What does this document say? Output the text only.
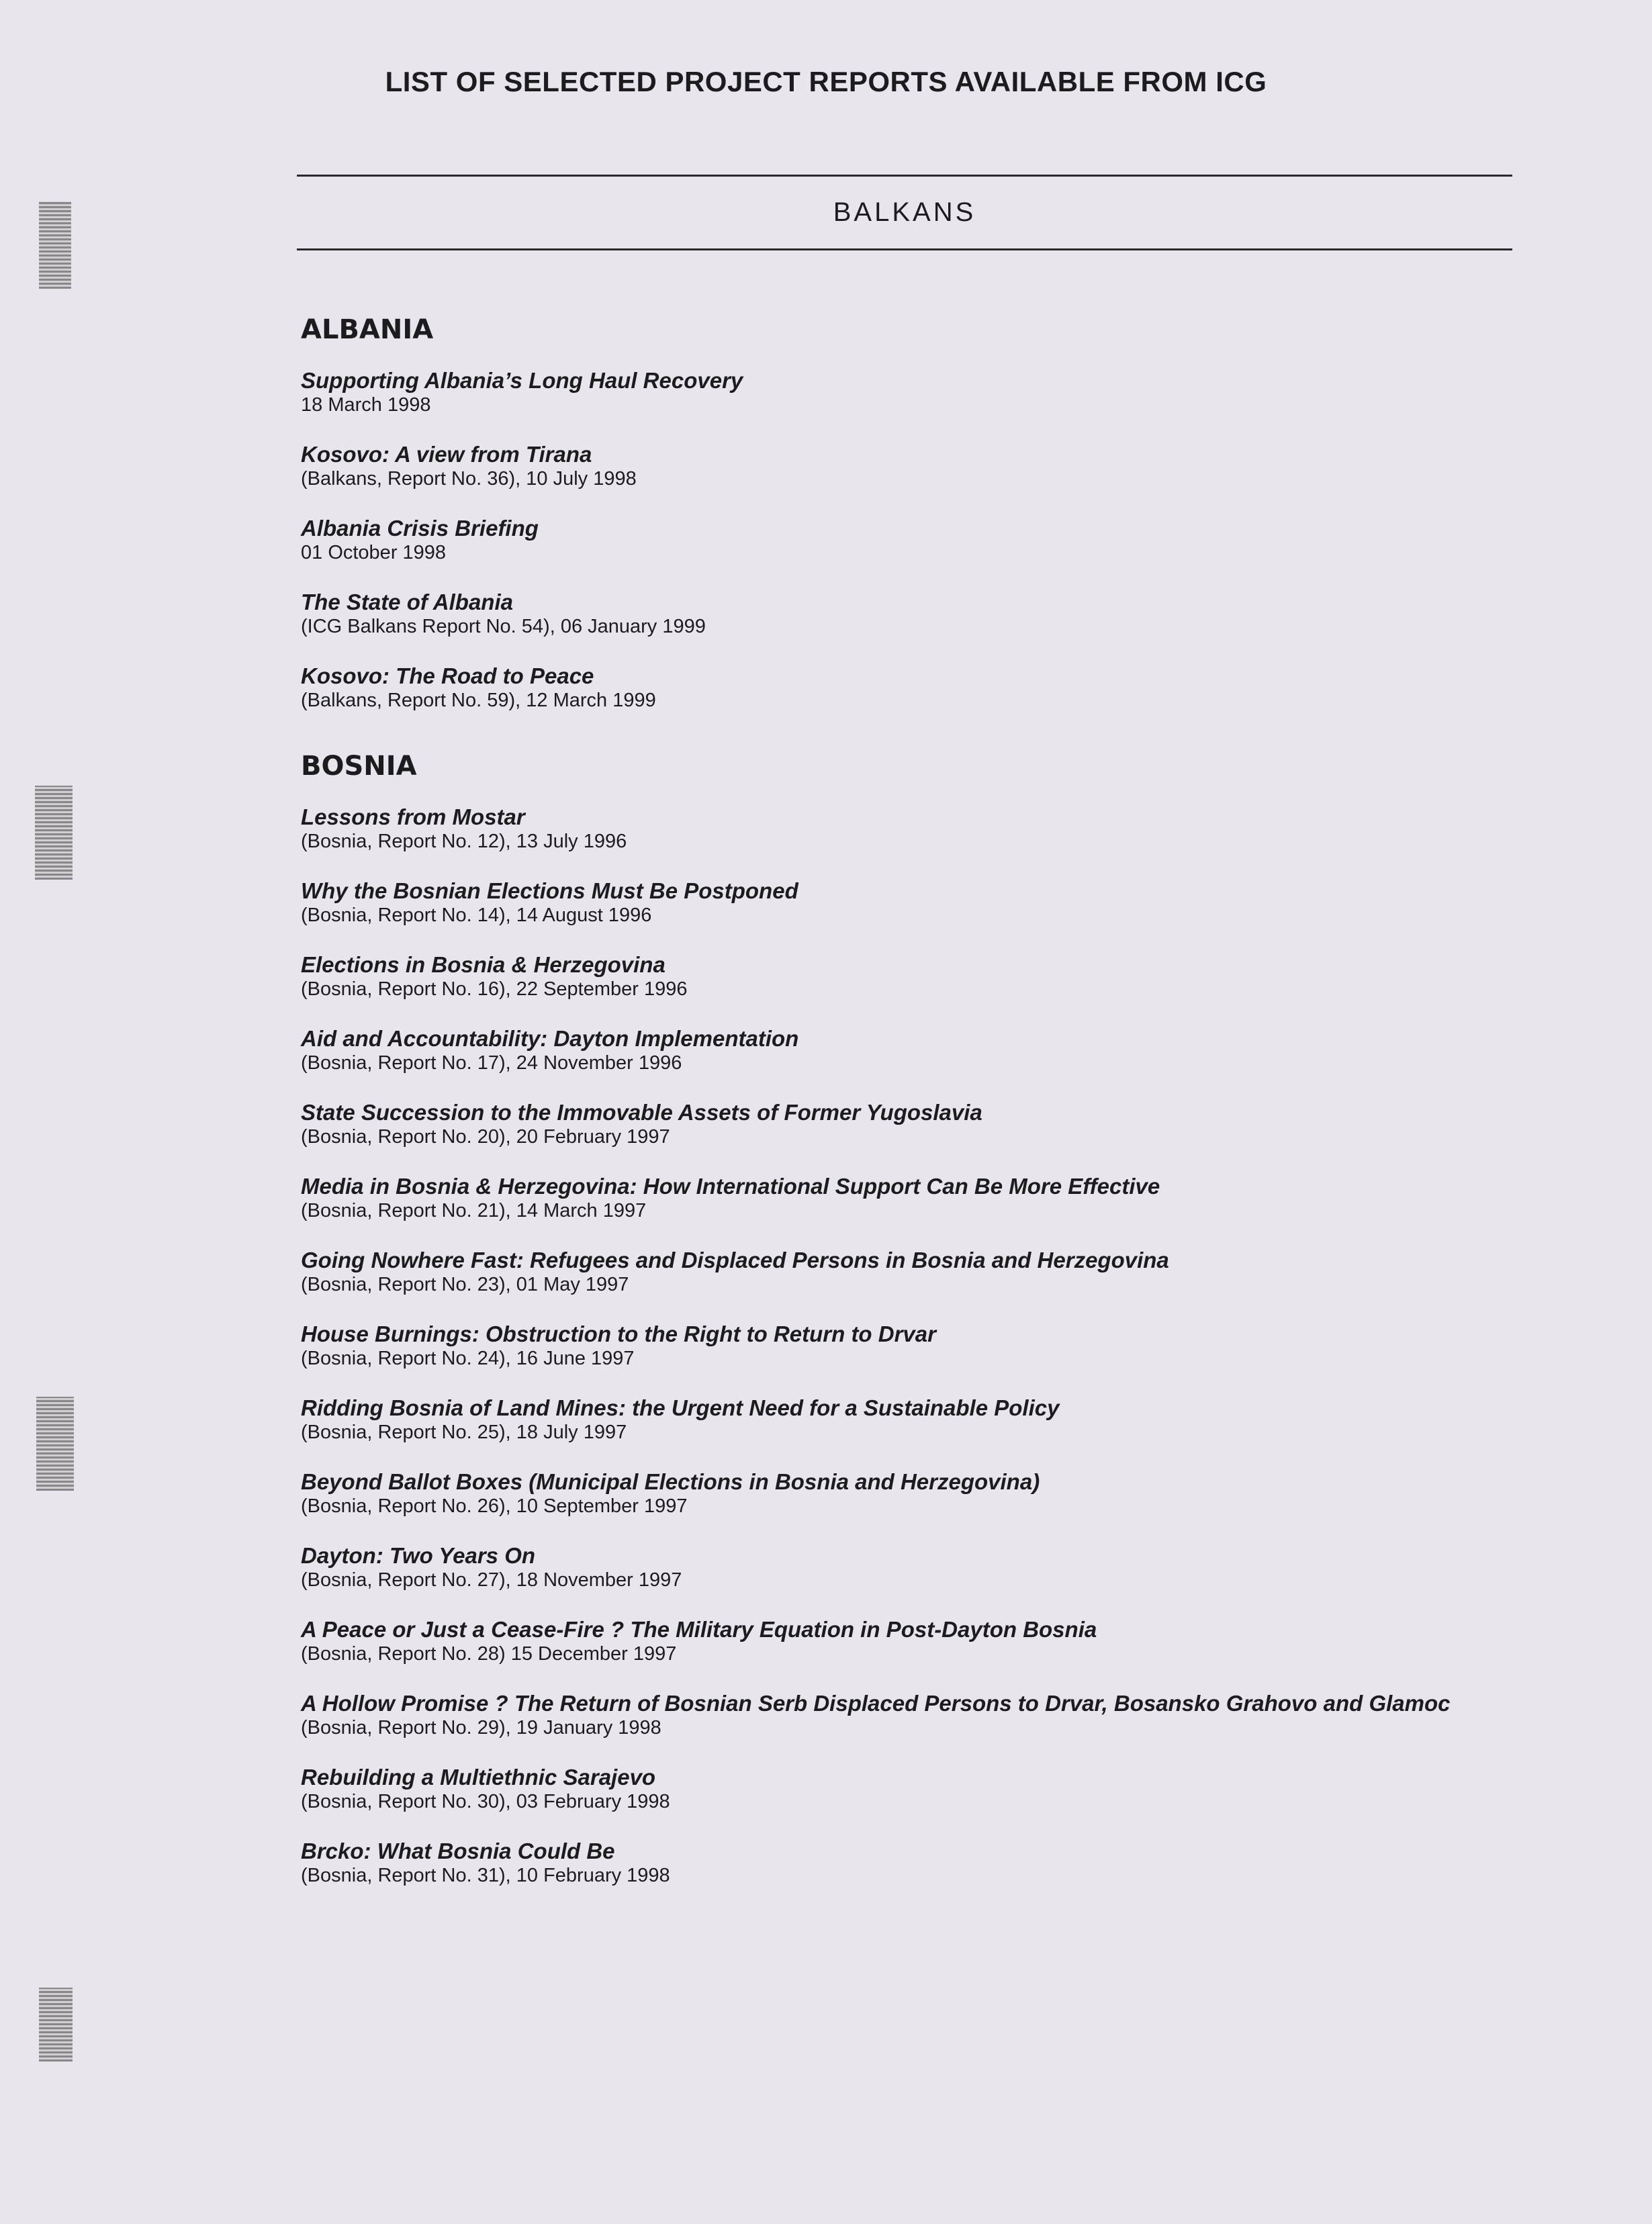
LIST OF SELECTED PROJECT REPORTS AVAILABLE FROM ICG
BALKANS
ALBANIA
Supporting Albania’s Long Haul Recovery
18 March 1998
Kosovo: A view from Tirana
(Balkans, Report No. 36), 10 July 1998
Albania Crisis Briefing
01 October 1998
The State of Albania
(ICG Balkans Report No. 54), 06 January 1999
Kosovo: The Road to Peace
(Balkans, Report No. 59), 12 March 1999
BOSNIA
Lessons from Mostar
(Bosnia, Report No. 12), 13 July 1996
Why the Bosnian Elections Must Be Postponed
(Bosnia, Report No. 14), 14 August 1996
Elections in Bosnia & Herzegovina
(Bosnia, Report No. 16), 22 September 1996
Aid and Accountability: Dayton Implementation
(Bosnia, Report No. 17), 24 November 1996
State Succession to the Immovable Assets of Former Yugoslavia
(Bosnia, Report No. 20), 20 February 1997
Media in Bosnia & Herzegovina: How International Support Can Be More Effective
(Bosnia, Report No. 21), 14 March 1997
Going Nowhere Fast: Refugees and Displaced Persons in Bosnia and Herzegovina
(Bosnia, Report No. 23), 01 May 1997
House Burnings: Obstruction to the Right to Return to Drvar
(Bosnia, Report No. 24), 16 June 1997
Ridding Bosnia of Land Mines: the Urgent Need for a Sustainable Policy
(Bosnia, Report No. 25), 18 July 1997
Beyond Ballot Boxes (Municipal Elections in Bosnia and Herzegovina)
(Bosnia, Report No. 26), 10 September 1997
Dayton: Two Years On
(Bosnia, Report No. 27), 18 November 1997
A Peace or Just a Cease-Fire ? The Military Equation in Post-Dayton Bosnia
(Bosnia, Report No. 28) 15 December 1997
A Hollow Promise ? The Return of Bosnian Serb Displaced Persons to Drvar, Bosansko Grahovo and Glamoc
(Bosnia, Report No. 29), 19 January 1998
Rebuilding a Multiethnic Sarajevo
(Bosnia, Report No. 30), 03 February 1998
Brcko: What Bosnia Could Be
(Bosnia, Report No. 31), 10 February 1998
